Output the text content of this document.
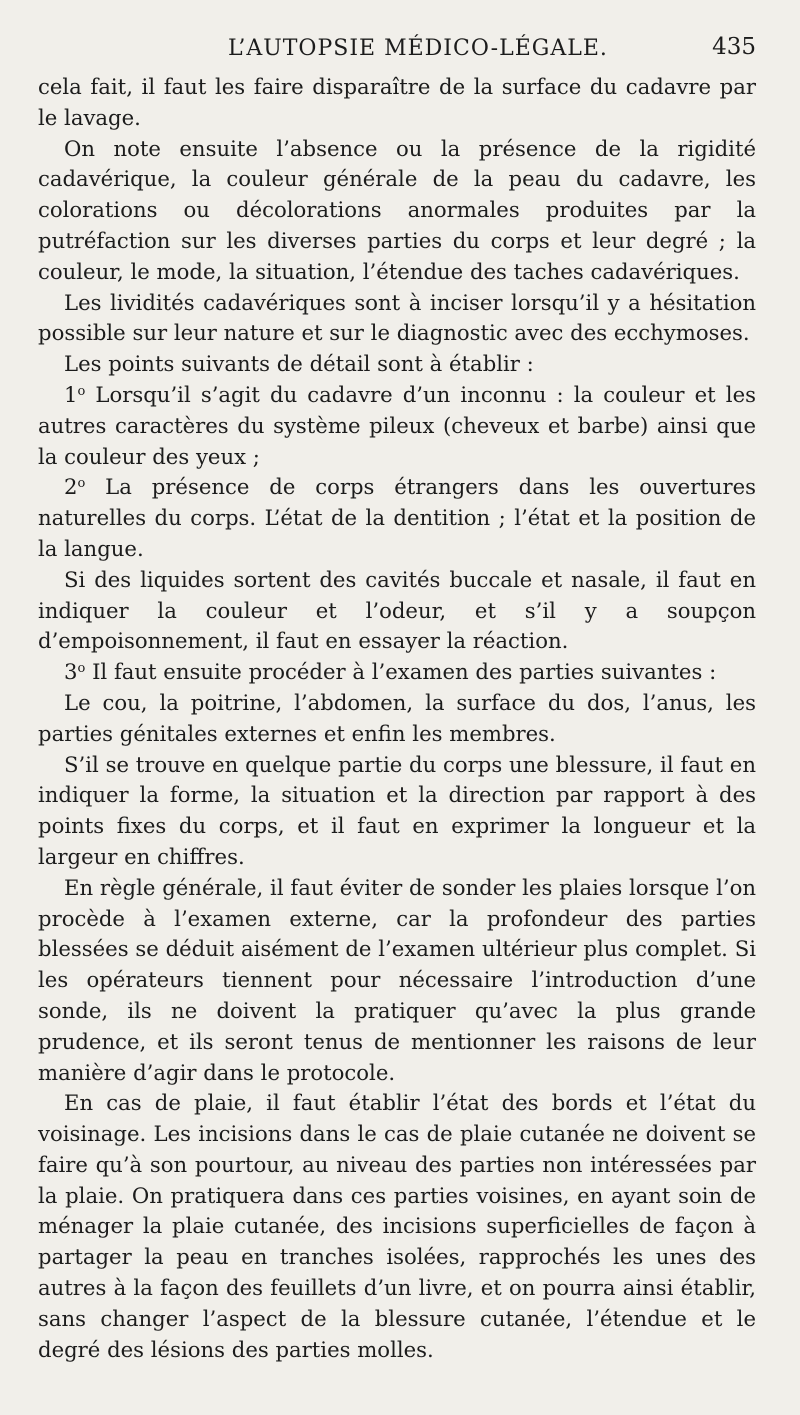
L’AUTOPSIE MÉDICO-LÉGALE.	435

cela fait, il faut les faire disparaître de la surface du cadavre par le lavage.

On note ensuite l’absence ou la présence de la rigidité cadavérique, la couleur générale de la peau du cadavre, les colorations ou décolorations anormales produites par la putréfaction sur les diverses parties du corps et leur degré ; la couleur, le mode, la situation, l’étendue des taches cadavériques.

Les lividités cadavériques sont à inciser lorsqu’il y a hésitation possible sur leur nature et sur le diagnostic avec des ecchymoses.

Les points suivants de détail sont à établir :

1$^o$ Lorsqu’il s’agit du cadavre d’un inconnu : la couleur et les autres caractères du système pileux (cheveux et barbe) ainsi que la couleur des yeux ;

2$^o$ La présence de corps étrangers dans les ouvertures naturelles du corps. L’état de la dentition ; l’état et la position de la langue.

Si des liquides sortent des cavités buccale et nasale, il faut en indiquer la couleur et l’odeur, et s’il y a soupçon d’empoisonnement, il faut en essayer la réaction.

3$^o$ Il faut ensuite procéder à l’examen des parties suivantes :

Le cou, la poitrine, l’abdomen, la surface du dos, l’anus, les parties génitales externes et enfin les membres.

S’il se trouve en quelque partie du corps une blessure, il faut en indiquer la forme, la situation et la direction par rapport à des points fixes du corps, et il faut en exprimer la longueur et la largeur en chiffres.

En règle générale, il faut éviter de sonder les plaies lorsque l’on procède à l’examen externe, car la profondeur des parties blessées se déduit aisément de l’examen ultérieur plus complet. Si les opérateurs tiennent pour nécessaire l’introduction d’une sonde, ils ne doivent la pratiquer qu’avec la plus grande prudence, et ils seront tenus de mentionner les raisons de leur manière d’agir dans le protocole.

En cas de plaie, il faut établir l’état des bords et l’état du voisinage. Les incisions dans le cas de plaie cutanée ne doivent se faire qu’à son pourtour, au niveau des parties non intéressées par la plaie. On pratiquera dans ces parties voisines, en ayant soin de ménager la plaie cutanée, des incisions superficielles de façon à partager la peau en tranches isolées, rapprochés les unes des autres à la façon des feuillets d’un livre, et on pourra ainsi établir, sans changer l’aspect de la blessure cutanée, l’étendue et le degré des lésions des parties molles.
